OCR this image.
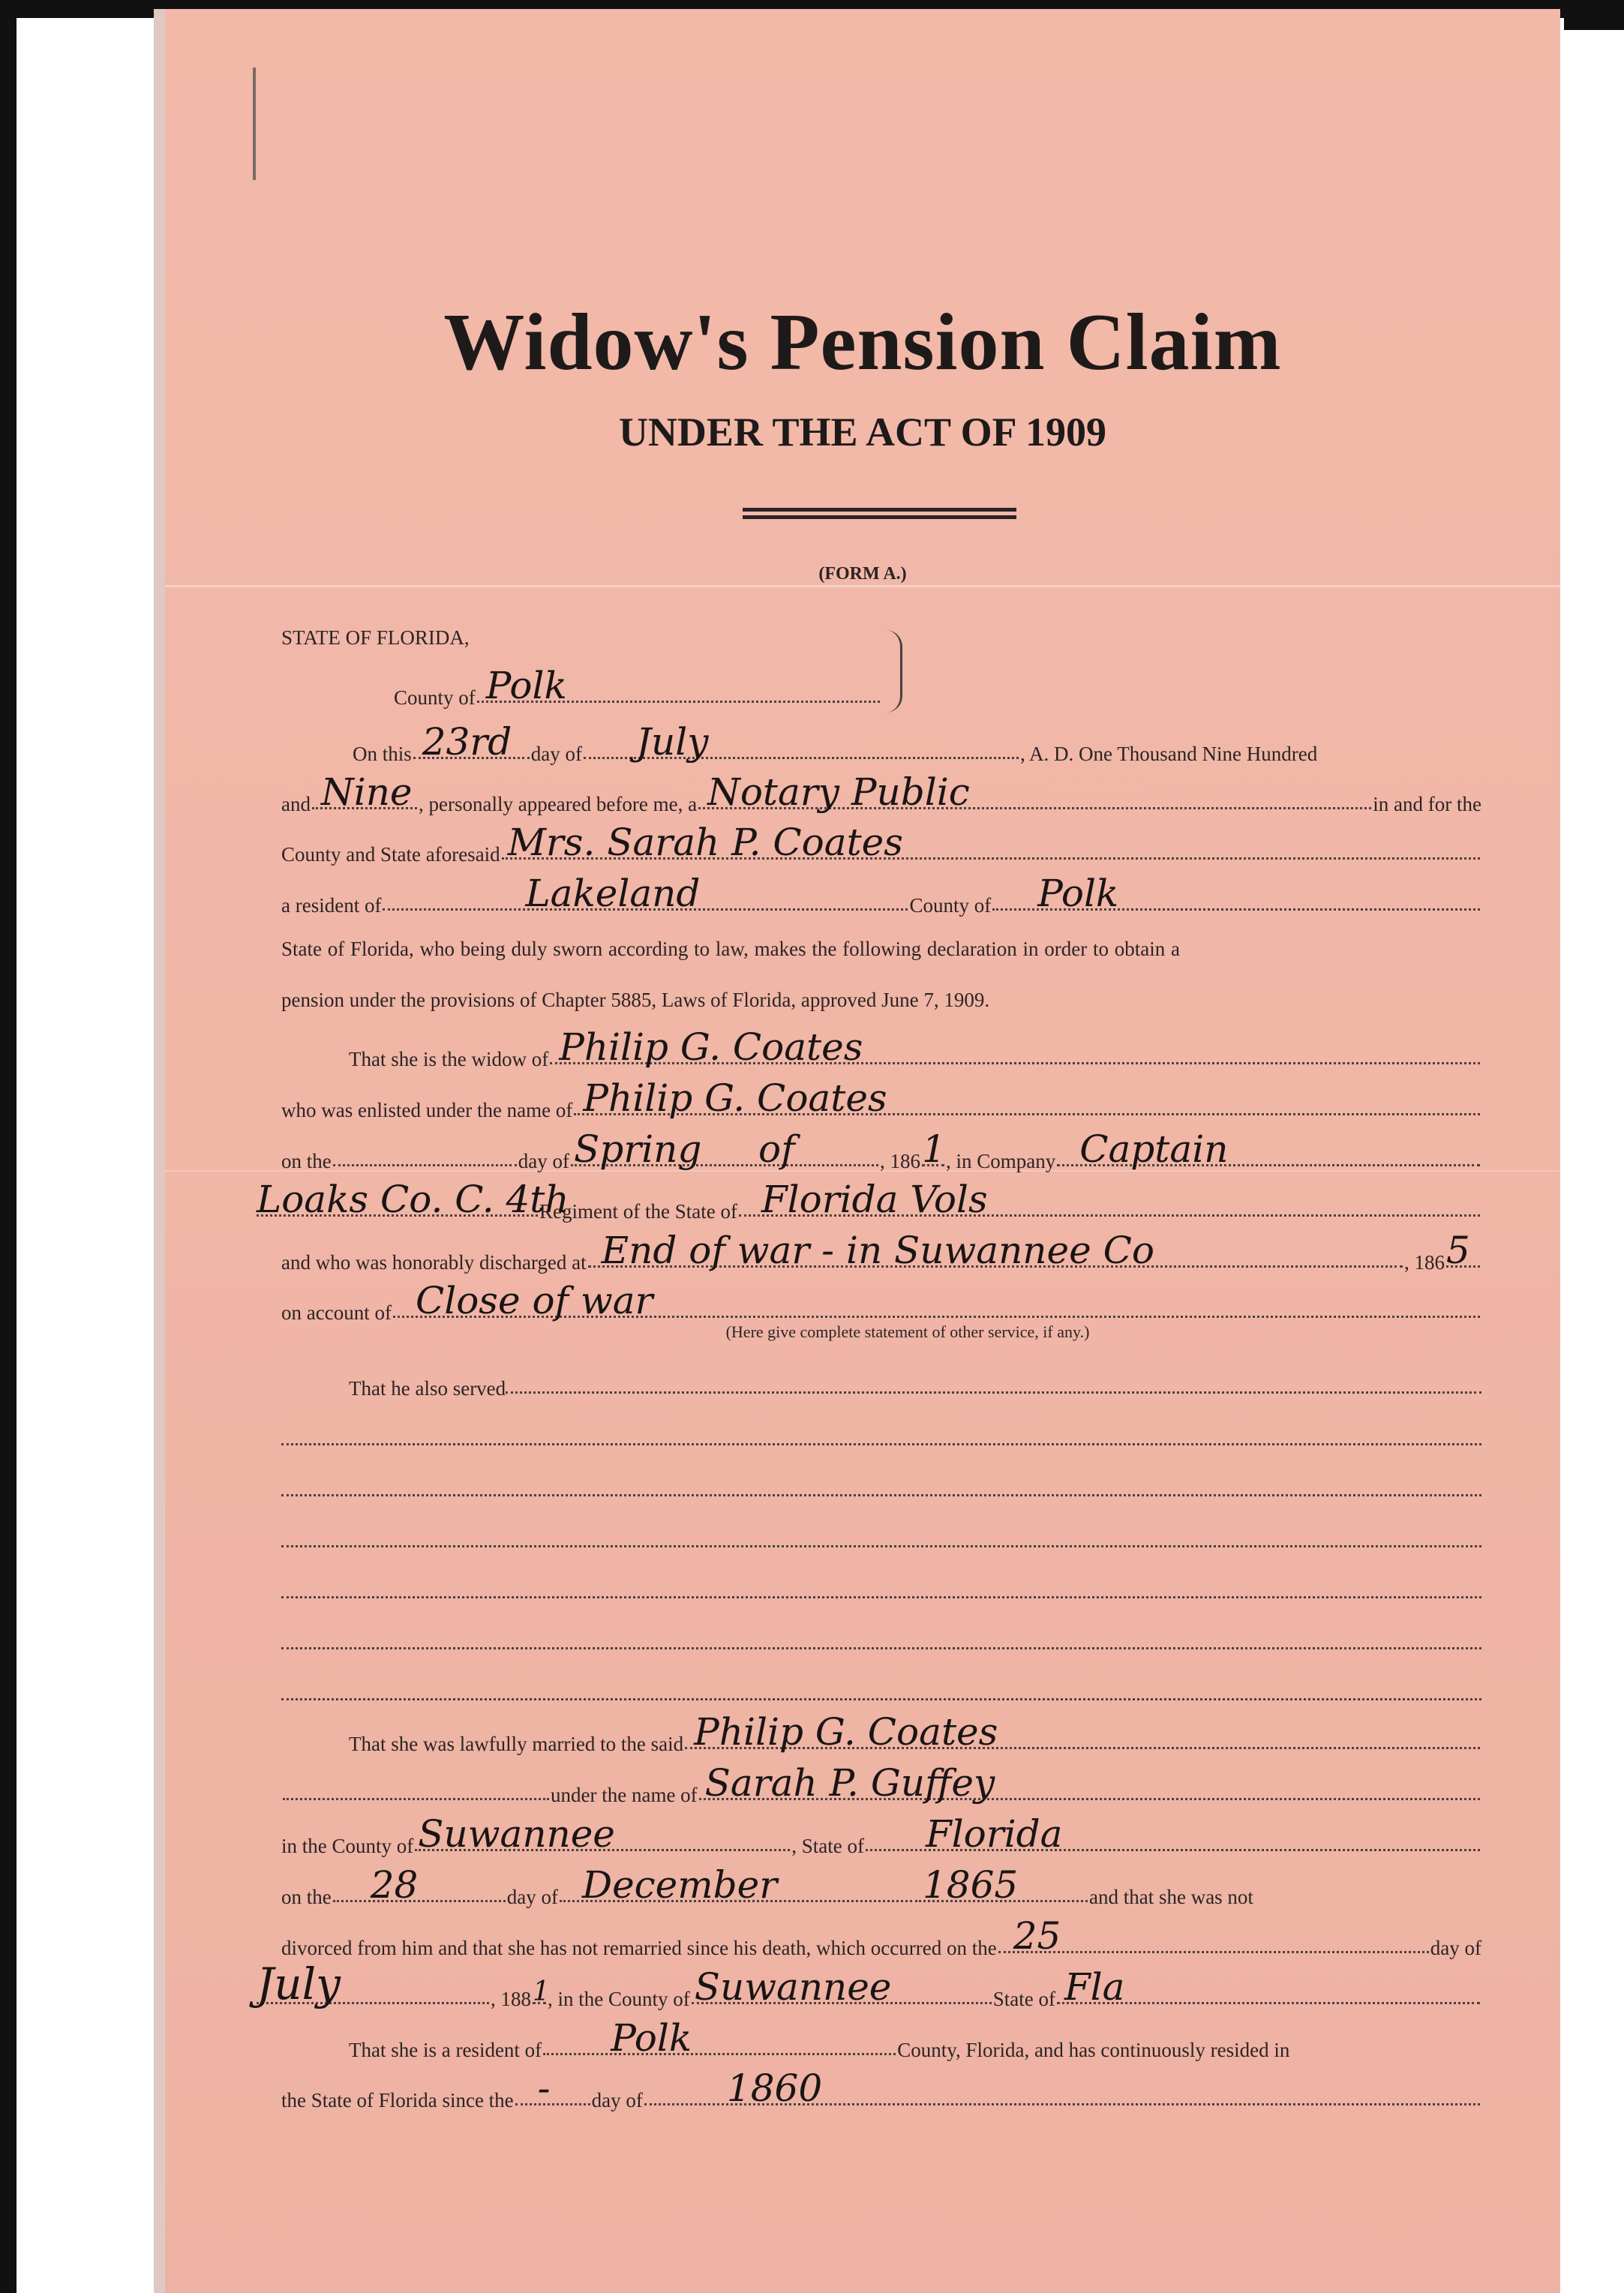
Widow's Pension Claim
UNDER THE ACT OF 1909
(FORM A.)
STATE OF FLORIDA,
County of Polk
On this 23rd day of July	, A. D. One Thousand Nine Hundred
and Nine , personally appeared before me, a Notary Public	in and for the
County and State aforesaid Mrs. Sarah P. Coates
a resident of	Lakeland	County of Polk
State of Florida, who being duly sworn according to law, makes the following declaration in order to obtain a
pension under the provisions of Chapter 5885, Laws of Florida, approved June 7, 1909.
That she is the widow of Philip G. Coates
who was enlisted under the name of Philip G. Coates
on the	day of Spring of	, 186 1 , in Company Captain
Loaks Co. C. 4th
Regiment of the State of Florida Vols
and who was honorably discharged at End of war - in Suwannee Co	, 186 5
on account of Close of war
(Here give complete statement of other service, if any.)
That he also served
That she was lawfully married to the said Philip G. Coates
under the name of Sarah P. Guffey
in the County of Suwannee	, State of Florida
on the 28	day of December	1865	and that she was not
divorced from him and that she has not remarried since his death, which occurred on the 25	day of
July	, 188 1
, in the County of Suwannee	State of Fla
That she is a resident of Polk	County, Florida, and has continuously resided in
the State of Florida since the - day of 1860
